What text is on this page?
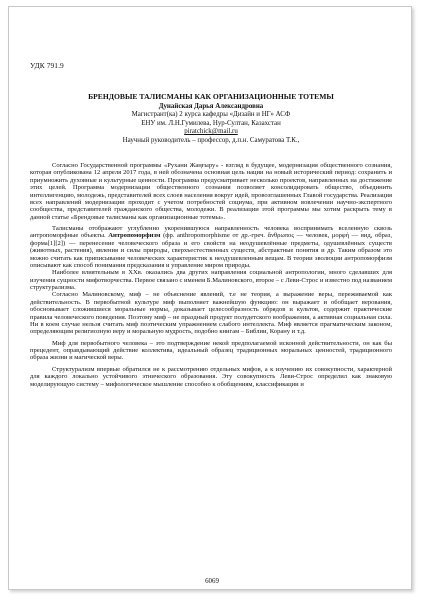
УДК 791.9
БРЕНДОВЫЕ ТАЛИСМАНЫ КАК ОРГАНИЗАЦИОННЫЕ ТОТЕМЫ
Дунайская Дарья Александровна
Магистрант(ка) 2 курса кафедры «Дизайн и НГ» АСФ
ЕНУ им. Л.Н.Гумилева, Нур-Султан, Казахстан
piratchick@mail.ru
Научный руководитель – профессор, д.п.н. Самуратова Т.К.,

Согласно Государственной программы «Рухани Жаңғыру» - взгляд в будущее, модернизация общественного сознания, которая опубликована 12 апреля 2017 года, в ней обозначена основная цель нации на новый исторический период: сохранить и приумножить духовные и культурные ценности. Программа предусматривает несколько проектов, направленных на достижение этих целей. Программа модернизации общественного сознания позволяет консолидировать общество, объединить интеллигенцию, молодежь, представителей всех слоев населения вокруг идей, провозглашенных Главой государства. Реализация всех направлений модернизации проходит с учетом потребностей социума, при активном вовлечении научно-экспертного сообщества, представителей гражданского общества, молодежи. В реализации этой программы мы хотим раскрыть тему в данной статье «Брендовые талисманы как организационные тотемы».

Талисманы отображают углубленно укоренившуюся направленность человека воспринимать вселенную сквозь антропоморфные объекты. Антропоморфизм (фр. anthropomorphisme от др.-греч. ἄνθρωπος — человек, μορφή — вид, образ, форма[1][2]) — перенесение человеческого образа и его свойств на неодушевлённые предметы, одушевлённых существ (животных, растения), явления и силы природы, сверхъестественных существ, абстрактные понятия и др. Таким образом это можно считать как приписывание человеческих характеристик к неодушевленным вещам. В теории эволюции антропоморфизм описывают как способ понимания предсказания и управление миром природы.

Наиболее влиятельным в XXв. оказались два других направления социальной антропологии, много сделавших для изучения сущности мифотворчества. Первое связано с именем Б.Малиновского, второе – с Леви-Строс и известно под названием структурализма.

Согласно Малиновскому, миф – не объяснение явлений, т.е не теория, а выражение веры, переживаемой как действительность. В первобытной культуре миф выполняет важнейшую функцию: он выражает и обобщает верования, обосновывает сложившиеся моральные нормы, доказывает целесообразность обрядов и культов, содержит практические правила человеческого поведения. Поэтому миф – не праздный продукт полудетского воображения, а активная социальная сила. Ни в коем случае нельзя считать миф поэтическим упражнением слабого интеллекта. Миф является прагматическим законом, определяющим религиозную веру и моральную мудрость, подобно книгам – Библии, Корану и т.д.

Миф для первобытного человека – это подтверждение некой предполагаемой исконной действительности, он как бы прецедент, оправдывающий действие коллектива, идеальный образец традиционных моральных ценностей, традиционного образа жизни и магической веры.

Структурализм впервые обратился не к рассмотрению отдельных мифов, а к изучению их совокупности, характерной для каждого локально устойчивого этнического образования. Эту совокупность Леви-Строс определил как знаковую моделирующую систему – мифологическое мышление способно к обобщениям, классификации и

6069
